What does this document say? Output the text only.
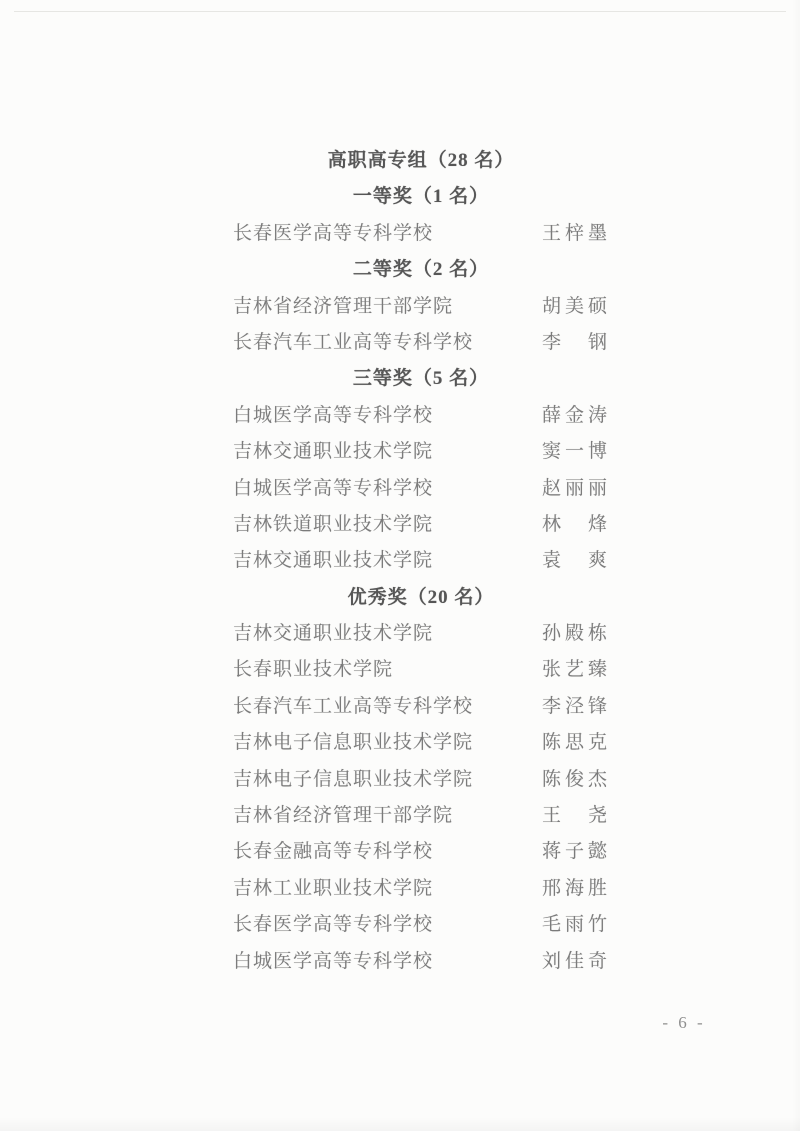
高职高专组（28 名）
一等奖（1 名）
长春医学高等专科学校	王梓墨
二等奖（2 名）
吉林省经济管理干部学院	胡美硕
长春汽车工业高等专科学校	李　钢
三等奖（5 名）
白城医学高等专科学校	薛金涛
吉林交通职业技术学院	窦一博
白城医学高等专科学校	赵丽丽
吉林铁道职业技术学院	林　烽
吉林交通职业技术学院	袁　爽
优秀奖（20 名）
吉林交通职业技术学院	孙殿栋
长春职业技术学院	张艺臻
长春汽车工业高等专科学校	李泾锋
吉林电子信息职业技术学院	陈思克
吉林电子信息职业技术学院	陈俊杰
吉林省经济管理干部学院	王　尧
长春金融高等专科学校	蒋子懿
吉林工业职业技术学院	邢海胜
长春医学高等专科学校	毛雨竹
白城医学高等专科学校	刘佳奇
- 6 -
